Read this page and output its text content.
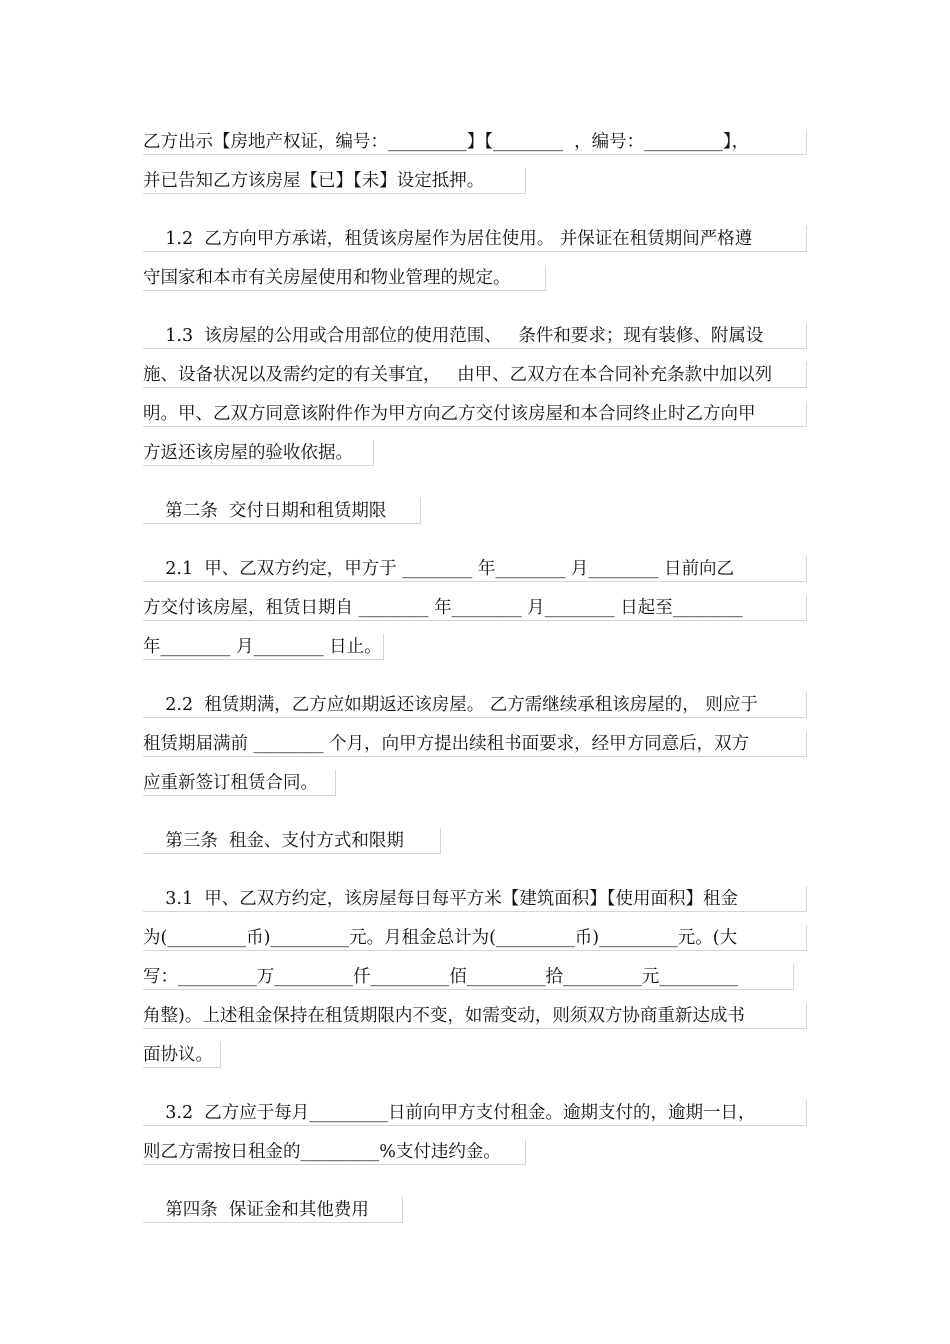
乙方出示【房地产权证，编号：_________】【________  ，编号：_________】，
并已告知乙方该房屋【已】【未】设定抵押。
1.2  乙方向甲方承诺，租赁该房屋作为居住使用。 并保证在租赁期间严格遵
守国家和本市有关房屋使用和物业管理的规定。
1.3  该房屋的公用或合用部位的使用范围、   条件和要求；现有装修、附属设
施、设备状况以及需约定的有关事宜，   由甲、乙双方在本合同补充条款中加以列
明。甲、乙双方同意该附件作为甲方向乙方交付该房屋和本合同终止时乙方向甲
方返还该房屋的验收依据。
第二条  交付日期和租赁期限
2.1  甲、乙双方约定，甲方于 ________ 年________ 月________ 日前向乙
方交付该房屋，租赁日期自 ________ 年________ 月________ 日起至________
年________ 月________ 日止。
2.2  租赁期满，乙方应如期返还该房屋。 乙方需继续承租该房屋的， 则应于
租赁期届满前 ________ 个月，向甲方提出续租书面要求，经甲方同意后，双方
应重新签订租赁合同。
第三条  租金、支付方式和限期
3.1  甲、乙双方约定，该房屋每日每平方米【建筑面积】【使用面积】租金
为(_________币)_________元。月租金总计为(_________币)_________元。(大
写：_________万_________仟_________佰_________拾_________元_________
角整)。上述租金保持在租赁期限内不变，如需变动，则须双方协商重新达成书
面协议。
3.2  乙方应于每月_________日前向甲方支付租金。逾期支付的，逾期一日，
则乙方需按日租金的_________%支付违约金。
第四条  保证金和其他费用
